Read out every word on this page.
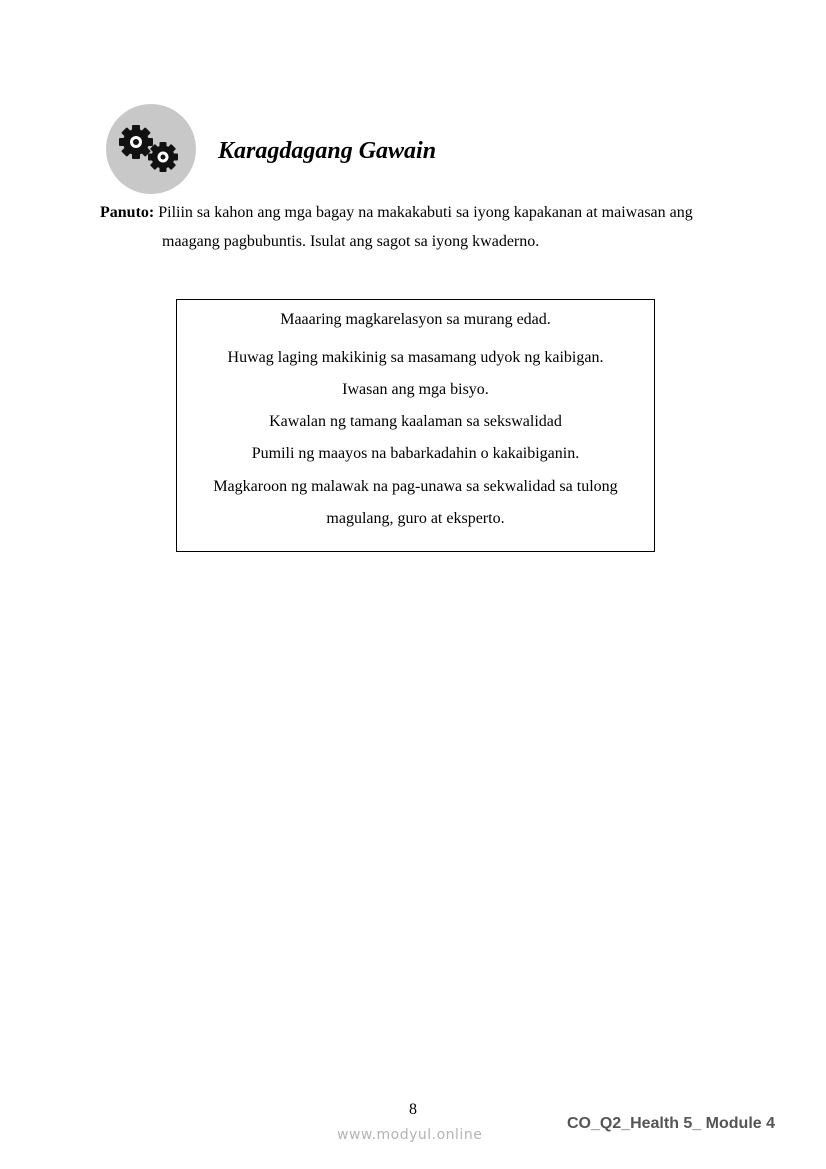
Karagdagang Gawain
Panuto: Piliin sa kahon ang mga bagay na makakabuti sa iyong kapakanan at maiwasan ang
maagang pagbubuntis. Isulat ang sagot sa iyong kwaderno.
Maaaring magkarelasyon sa murang edad.
Huwag laging makikinig sa masamang udyok ng kaibigan.
Iwasan ang mga bisyo.
Kawalan ng tamang kaalaman sa sekswalidad
Pumili ng maayos na babarkadahin o kakaibiganin.
Magkaroon ng malawak na pag-unawa sa sekwalidad sa tulong
magulang, guro at eksperto.
8
www.modyul.online
CO_Q2_Health 5_ Module 4
